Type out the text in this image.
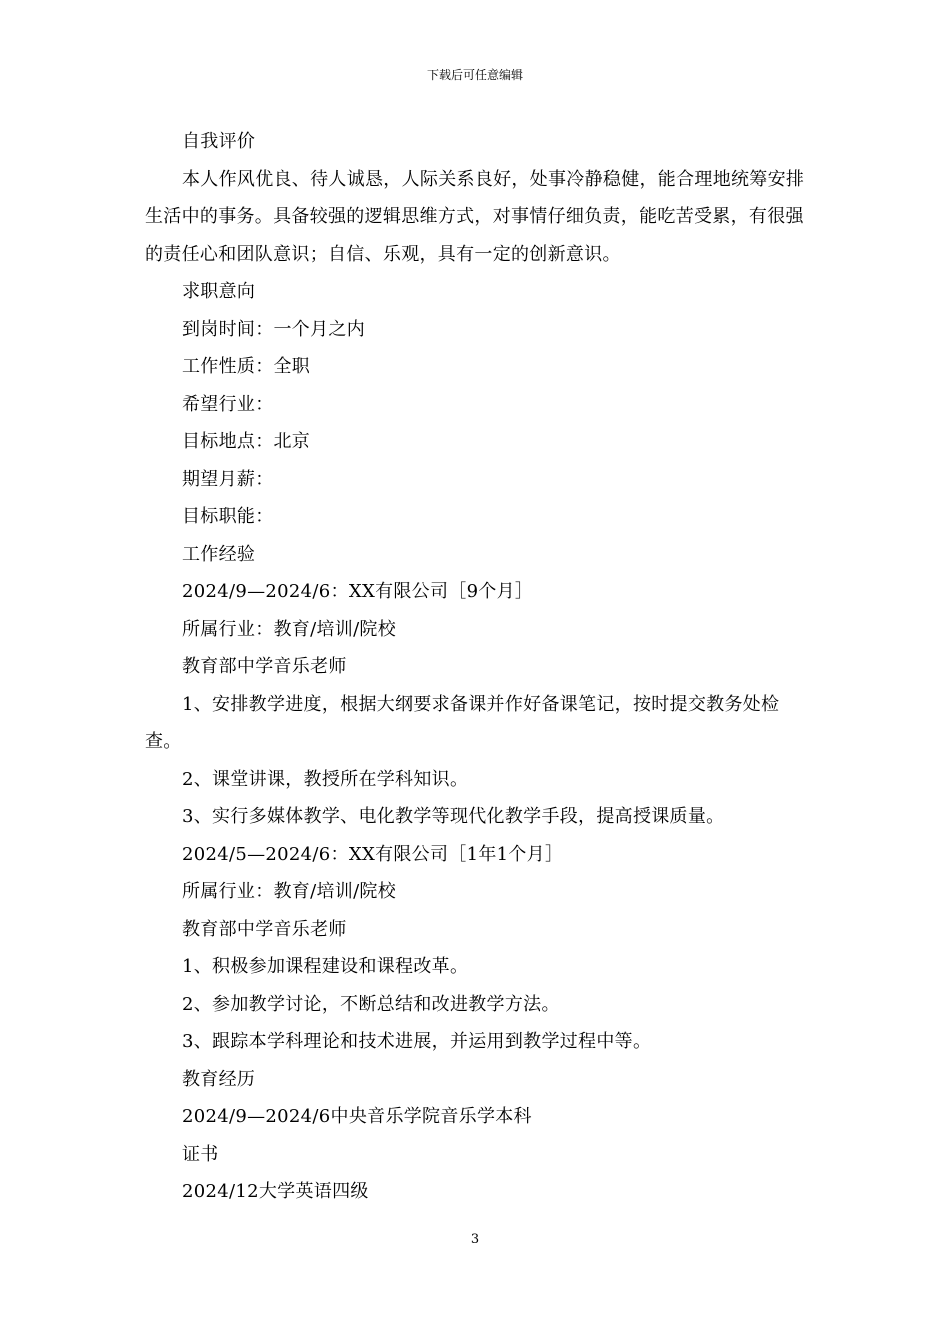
下载后可任意编辑

自我评价

本人作风优良、待人诚恳，人际关系良好，处事冷静稳健，能合理地统筹安排生活中的事务。具备较强的逻辑思维方式，对事情仔细负责，能吃苦受累，有很强的责任心和团队意识；自信、乐观，具有一定的创新意识。

求职意向

到岗时间：一个月之内

工作性质：全职

希望行业：

目标地点：北京

期望月薪：

目标职能：

工作经验

2024/9—2024/6：XX有限公司［9个月］

所属行业：教育/培训/院校

教育部中学音乐老师

1、安排教学进度，根据大纲要求备课并作好备课笔记，按时提交教务处检查。

2、课堂讲课，教授所在学科知识。

3、实行多媒体教学、电化教学等现代化教学手段，提高授课质量。

2024/5—2024/6：XX有限公司［1年1个月］

所属行业：教育/培训/院校

教育部中学音乐老师

1、积极参加课程建设和课程改革。

2、参加教学讨论，不断总结和改进教学方法。

3、跟踪本学科理论和技术进展，并运用到教学过程中等。

教育经历

2024/9—2024/6中央音乐学院音乐学本科

证书

2024/12大学英语四级

3
